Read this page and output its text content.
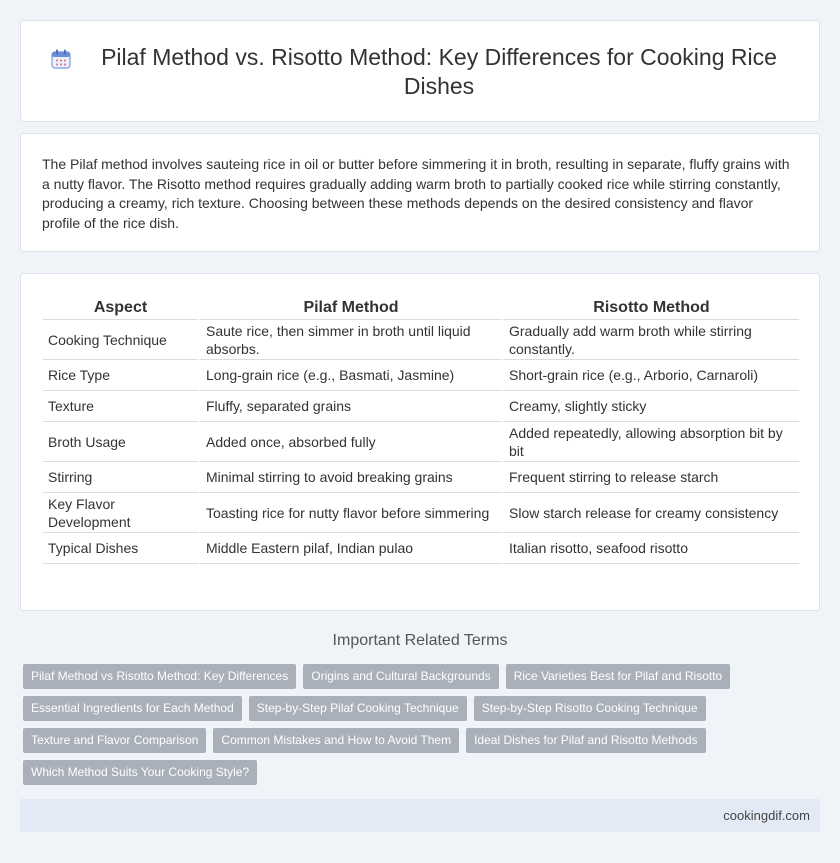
Pilaf Method vs. Risotto Method: Key Differences for Cooking Rice Dishes

The Pilaf method involves sauteing rice in oil or butter before simmering it in broth, resulting in separate, fluffy grains with a nutty flavor. The Risotto method requires gradually adding warm broth to partially cooked rice while stirring constantly, producing a creamy, rich texture. Choosing between these methods depends on the desired consistency and flavor profile of the rice dish.

Aspect	Pilaf Method	Risotto Method
Cooking Technique	Saute rice, then simmer in broth until liquid absorbs.	Gradually add warm broth while stirring constantly.
Rice Type	Long-grain rice (e.g., Basmati, Jasmine)	Short-grain rice (e.g., Arborio, Carnaroli)
Texture	Fluffy, separated grains	Creamy, slightly sticky
Broth Usage	Added once, absorbed fully	Added repeatedly, allowing absorption bit by bit
Stirring	Minimal stirring to avoid breaking grains	Frequent stirring to release starch
Key Flavor Development	Toasting rice for nutty flavor before simmering	Slow starch release for creamy consistency
Typical Dishes	Middle Eastern pilaf, Indian pulao	Italian risotto, seafood risotto
Important Related Terms
Pilaf Method vs Risotto Method: Key Differences	Origins and Cultural Backgrounds	Rice Varieties Best for Pilaf and Risotto
Essential Ingredients for Each Method	Step-by-Step Pilaf Cooking Technique	Step-by-Step Risotto Cooking Technique
Texture and Flavor Comparison	Common Mistakes and How to Avoid Them	Ideal Dishes for Pilaf and Risotto Methods
Which Method Suits Your Cooking Style?
cookingdif.com
